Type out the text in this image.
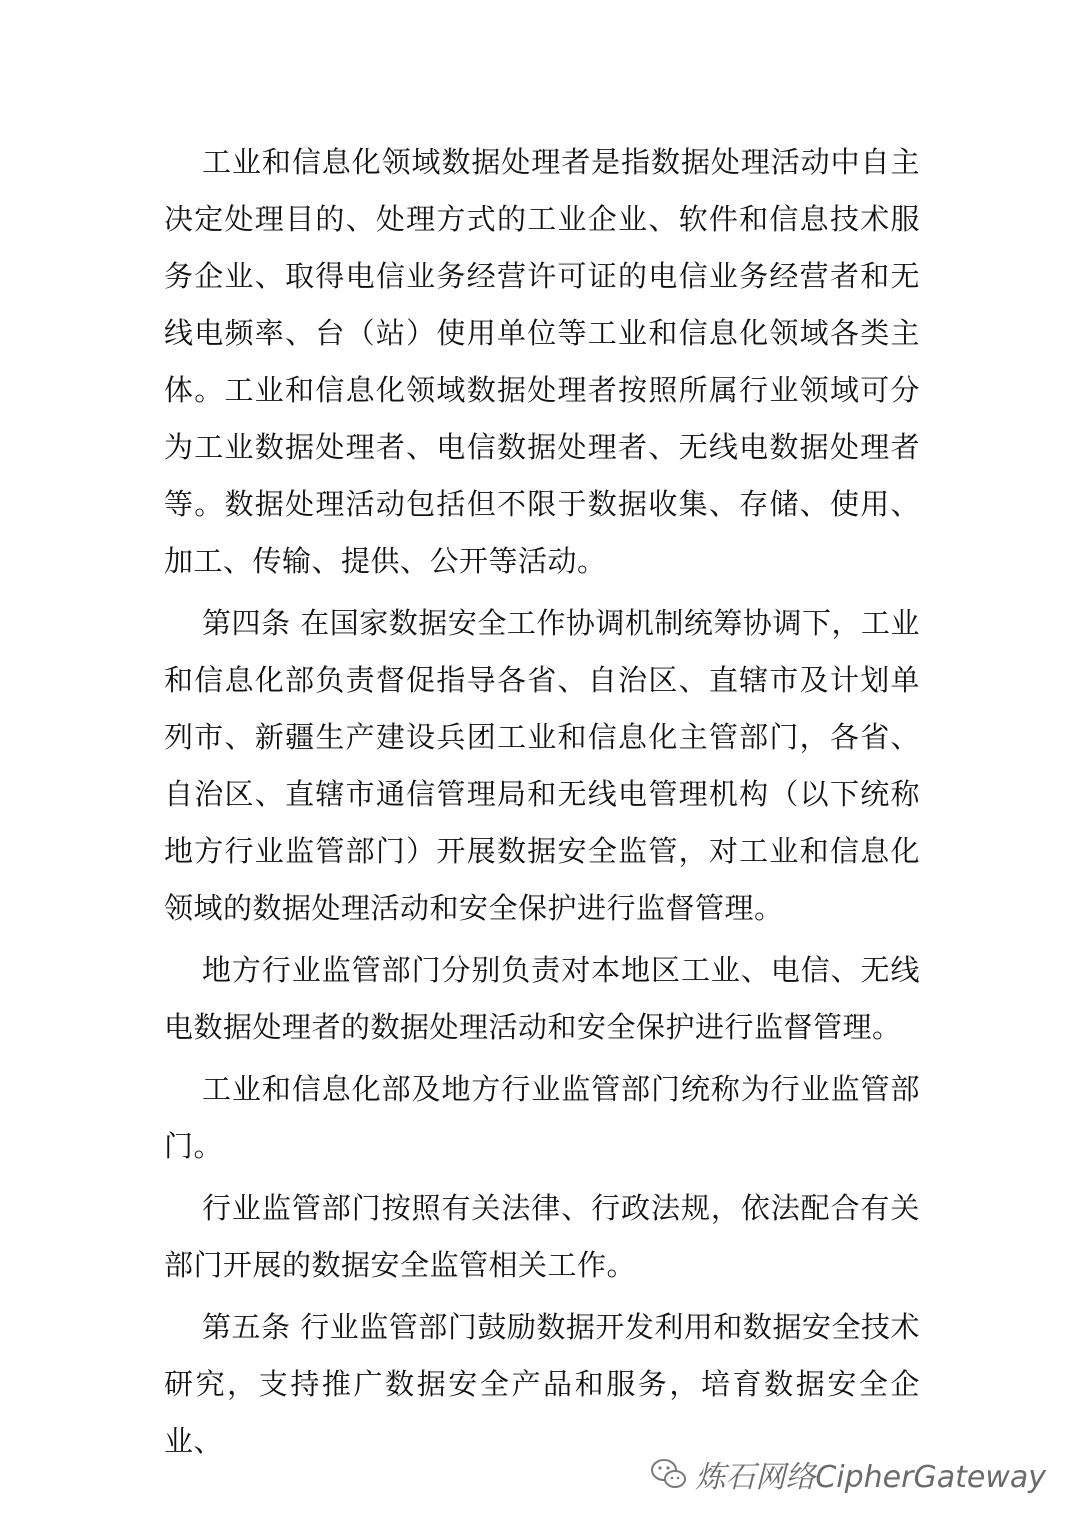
工业和信息化领域数据处理者是指数据处理活动中自主决定处理目的、处理方式的工业企业、软件和信息技术服务企业、取得电信业务经营许可证的电信业务经营者和无线电频率、台（站）使用单位等工业和信息化领域各类主体。工业和信息化领域数据处理者按照所属行业领域可分为工业数据处理者、电信数据处理者、无线电数据处理者等。数据处理活动包括但不限于数据收集、存储、使用、加工、传输、提供、公开等活动。

第四条 在国家数据安全工作协调机制统筹协调下，工业和信息化部负责督促指导各省、自治区、直辖市及计划单列市、新疆生产建设兵团工业和信息化主管部门，各省、自治区、直辖市通信管理局和无线电管理机构（以下统称地方行业监管部门）开展数据安全监管，对工业和信息化领域的数据处理活动和安全保护进行监督管理。

地方行业监管部门分别负责对本地区工业、电信、无线电数据处理者的数据处理活动和安全保护进行监督管理。

工业和信息化部及地方行业监管部门统称为行业监管部门。

行业监管部门按照有关法律、行政法规，依法配合有关部门开展的数据安全监管相关工作。

第五条 行业监管部门鼓励数据开发利用和数据安全技术研究，支持推广数据安全产品和服务，培育数据安全企业、

炼石网络CipherGateway
